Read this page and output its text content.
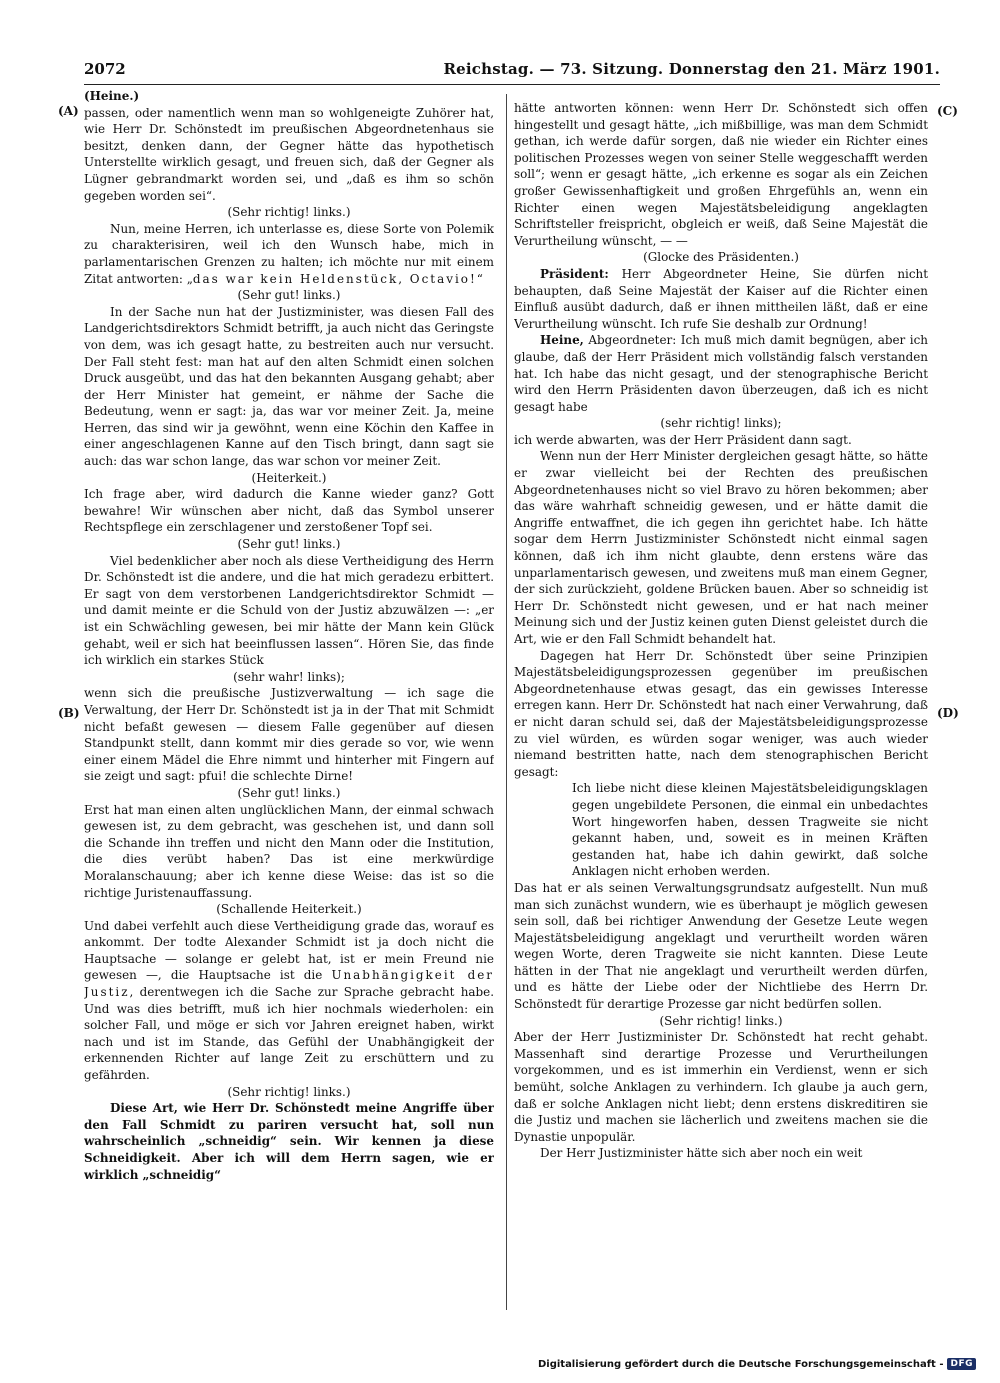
2072	Reichstag. — 73. Sitzung. Donnerstag den 21. März 1901.
(A)
(B)
(C)
(D)

(Heine.)

passen, oder namentlich wenn man so wohlgeneigte Zuhörer hat, wie Herr Dr. Schönstedt im preußischen Abgeordnetenhaus sie besitzt, denken dann, der Gegner hätte das hypothetisch Unterstellte wirklich gesagt, und freuen sich, daß der Gegner als Lügner gebrandmarkt worden sei, und „daß es ihm so schön gegeben worden sei“.

(Sehr richtig! links.)

Nun, meine Herren, ich unterlasse es, diese Sorte von Polemik zu charakterisiren, weil ich den Wunsch habe, mich in parlamentarischen Grenzen zu halten; ich möchte nur mit einem Zitat antworten: „das war kein Heldenstück, Octavio!“

(Sehr gut! links.)

In der Sache nun hat der Justizminister, was diesen Fall des Landgerichtsdirektors Schmidt betrifft, ja auch nicht das Geringste von dem, was ich gesagt hatte, zu bestreiten auch nur versucht. Der Fall steht fest: man hat auf den alten Schmidt einen solchen Druck ausgeübt, und das hat den bekannten Ausgang gehabt; aber der Herr Minister hat gemeint, er nähme der Sache die Bedeutung, wenn er sagt: ja, das war vor meiner Zeit. Ja, meine Herren, das sind wir ja gewöhnt, wenn eine Köchin den Kaffee in einer angeschlagenen Kanne auf den Tisch bringt, dann sagt sie auch: das war schon lange, das war schon vor meiner Zeit.

(Heiterkeit.)

Ich frage aber, wird dadurch die Kanne wieder ganz? Gott bewahre! Wir wünschen aber nicht, daß das Symbol unserer Rechtspflege ein zerschlagener und zerstoßener Topf sei.

(Sehr gut! links.)

Viel bedenklicher aber noch als diese Vertheidigung des Herrn Dr. Schönstedt ist die andere, und die hat mich geradezu erbittert. Er sagt von dem verstorbenen Landgerichtsdirektor Schmidt — und damit meinte er die Schuld von der Justiz abzuwälzen —: „er ist ein Schwächling gewesen, bei mir hätte der Mann kein Glück gehabt, weil er sich hat beeinflussen lassen“. Hören Sie, das finde ich wirklich ein starkes Stück

(sehr wahr! links);

wenn sich die preußische Justizverwaltung — ich sage die Verwaltung, der Herr Dr. Schönstedt ist ja in der That mit Schmidt nicht befaßt gewesen — diesem Falle gegenüber auf diesen Standpunkt stellt, dann kommt mir dies gerade so vor, wie wenn einer einem Mädel die Ehre nimmt und hinterher mit Fingern auf sie zeigt und sagt: pfui! die schlechte Dirne!

(Sehr gut! links.)

Erst hat man einen alten unglücklichen Mann, der einmal schwach gewesen ist, zu dem gebracht, was geschehen ist, und dann soll die Schande ihn treffen und nicht den Mann oder die Institution, die dies verübt haben? Das ist eine merkwürdige Moralanschauung; aber ich kenne diese Weise: das ist so die richtige Juristenauffassung.

(Schallende Heiterkeit.)

Und dabei verfehlt auch diese Vertheidigung grade das, worauf es ankommt. Der todte Alexander Schmidt ist ja doch nicht die Hauptsache — solange er gelebt hat, ist er mein Freund nie gewesen —, die Hauptsache ist die Unabhängigkeit der Justiz, derentwegen ich die Sache zur Sprache gebracht habe. Und was dies betrifft, muß ich hier nochmals wiederholen: ein solcher Fall, und möge er sich vor Jahren ereignet haben, wirkt nach und ist im Stande, das Gefühl der Unabhängigkeit der erkennenden Richter auf lange Zeit zu erschüttern und zu gefährden.

(Sehr richtig! links.)

Diese Art, wie Herr Dr. Schönstedt meine Angriffe über den Fall Schmidt zu pariren versucht hat, soll nun wahrscheinlich „schneidig“ sein. Wir kennen ja diese Schneidigkeit. Aber ich will dem Herrn sagen, wie er wirklich „schneidig“

hätte antworten können: wenn Herr Dr. Schönstedt sich offen hingestellt und gesagt hätte, „ich mißbillige, was man dem Schmidt gethan, ich werde dafür sorgen, daß nie wieder ein Richter eines politischen Prozesses wegen von seiner Stelle weggeschafft werden soll“; wenn er gesagt hätte, „ich erkenne es sogar als ein Zeichen großer Gewissenhaftigkeit und großen Ehrgefühls an, wenn ein Richter einen wegen Majestätsbeleidigung angeklagten Schriftsteller freispricht, obgleich er weiß, daß Seine Majestät die Verurtheilung wünscht, — —

(Glocke des Präsidenten.)

Präsident: Herr Abgeordneter Heine, Sie dürfen nicht behaupten, daß Seine Majestät der Kaiser auf die Richter einen Einfluß ausübt dadurch, daß er ihnen mittheilen läßt, daß er eine Verurtheilung wünscht. Ich rufe Sie deshalb zur Ordnung!

Heine, Abgeordneter: Ich muß mich damit begnügen, aber ich glaube, daß der Herr Präsident mich vollständig falsch verstanden hat. Ich habe das nicht gesagt, und der stenographische Bericht wird den Herrn Präsidenten davon überzeugen, daß ich es nicht gesagt habe

(sehr richtig! links);

ich werde abwarten, was der Herr Präsident dann sagt.

Wenn nun der Herr Minister dergleichen gesagt hätte, so hätte er zwar vielleicht bei der Rechten des preußischen Abgeordnetenhauses nicht so viel Bravo zu hören bekommen; aber das wäre wahrhaft schneidig gewesen, und er hätte damit die Angriffe entwaffnet, die ich gegen ihn gerichtet habe. Ich hätte sogar dem Herrn Justizminister Schönstedt nicht einmal sagen können, daß ich ihm nicht glaubte, denn erstens wäre das unparlamentarisch gewesen, und zweitens muß man einem Gegner, der sich zurückzieht, goldene Brücken bauen. Aber so schneidig ist Herr Dr. Schönstedt nicht gewesen, und er hat nach meiner Meinung sich und der Justiz keinen guten Dienst geleistet durch die Art, wie er den Fall Schmidt behandelt hat.

Dagegen hat Herr Dr. Schönstedt über seine Prinzipien Majestätsbeleidigungsprozessen gegenüber im preußischen Abgeordnetenhause etwas gesagt, das ein gewisses Interesse erregen kann. Herr Dr. Schönstedt hat nach einer Verwahrung, daß er nicht daran schuld sei, daß der Majestätsbeleidigungsprozesse zu viel würden, es würden sogar weniger, was auch wieder niemand bestritten hatte, nach dem stenographischen Bericht gesagt:

Ich liebe nicht diese kleinen Majestätsbeleidigungsklagen gegen ungebildete Personen, die einmal ein unbedachtes Wort hingeworfen haben, dessen Tragweite sie nicht gekannt haben, und, soweit es in meinen Kräften gestanden hat, habe ich dahin gewirkt, daß solche Anklagen nicht erhoben werden.

Das hat er als seinen Verwaltungsgrundsatz aufgestellt. Nun muß man sich zunächst wundern, wie es überhaupt je möglich gewesen sein soll, daß bei richtiger Anwendung der Gesetze Leute wegen Majestätsbeleidigung angeklagt und verurtheilt worden wären wegen Worte, deren Tragweite sie nicht kannten. Diese Leute hätten in der That nie angeklagt und verurtheilt werden dürfen, und es hätte der Liebe oder der Nichtliebe des Herrn Dr. Schönstedt für derartige Prozesse gar nicht bedürfen sollen.

(Sehr richtig! links.)

Aber der Herr Justizminister Dr. Schönstedt hat recht gehabt. Massenhaft sind derartige Prozesse und Verurtheilungen vorgekommen, und es ist immerhin ein Verdienst, wenn er sich bemüht, solche Anklagen zu verhindern. Ich glaube ja auch gern, daß er solche Anklagen nicht liebt; denn erstens diskreditiren sie die Justiz und machen sie lächerlich und zweitens machen sie die Dynastie unpopulär.

Der Herr Justizminister hätte sich aber noch ein weit

Digitalisierung gefördert durch die Deutsche Forschungsgemeinschaft - DFG
